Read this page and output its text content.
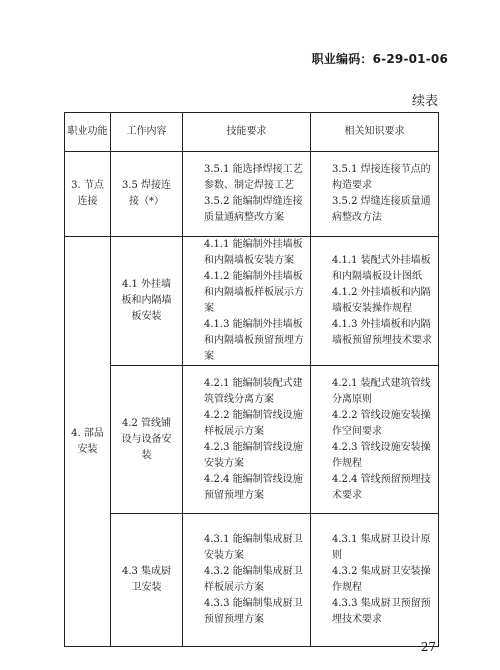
职业编码：6-29-01-06
续表
职业功能	工作内容	技能要求	相关知识要求
3. 节点连接	3.5 焊接连接（*）	3.5.1 能选择焊接工艺参数、制定焊接工艺
3.5.2 能编制焊缝连接质量通病整改方案	3.5.1 焊接连接节点的构造要求
3.5.2 焊缝连接质量通病整改方法

4. 部品安装	4.1 外挂墙板和内隔墙板安装	4.1.1 能编制外挂墙板和内隔墙板安装方案
4.1.2 能编制外挂墙板和内隔墙板样板展示方案
4.1.3 能编制外挂墙板和内隔墙板预留预埋方案	4.1.1 装配式外挂墙板和内隔墙板设计图纸
4.1.2 外挂墙板和内隔墙板安装操作规程
4.1.3 外挂墙板和内隔墙板预留预埋技术要求

	4.2 管线铺设与设备安装	4.2.1 能编制装配式建筑管线分离方案
4.2.2 能编制管线设施样板展示方案
4.2.3 能编制管线设施安装方案
4.2.4 能编制管线设施预留预埋方案	4.2.1 装配式建筑管线分离原则
4.2.2 管线设施安装操作空间要求
4.2.3 管线设施安装操作规程
4.2.4 管线预留预埋技术要求

	4.3 集成厨卫安装	4.3.1 能编制集成厨卫安装方案
4.3.2 能编制集成厨卫样板展示方案
4.3.3 能编制集成厨卫预留预埋方案	4.3.1 集成厨卫设计原则
4.3.2 集成厨卫安装操作规程
4.3.3 集成厨卫预留预埋技术要求
27
